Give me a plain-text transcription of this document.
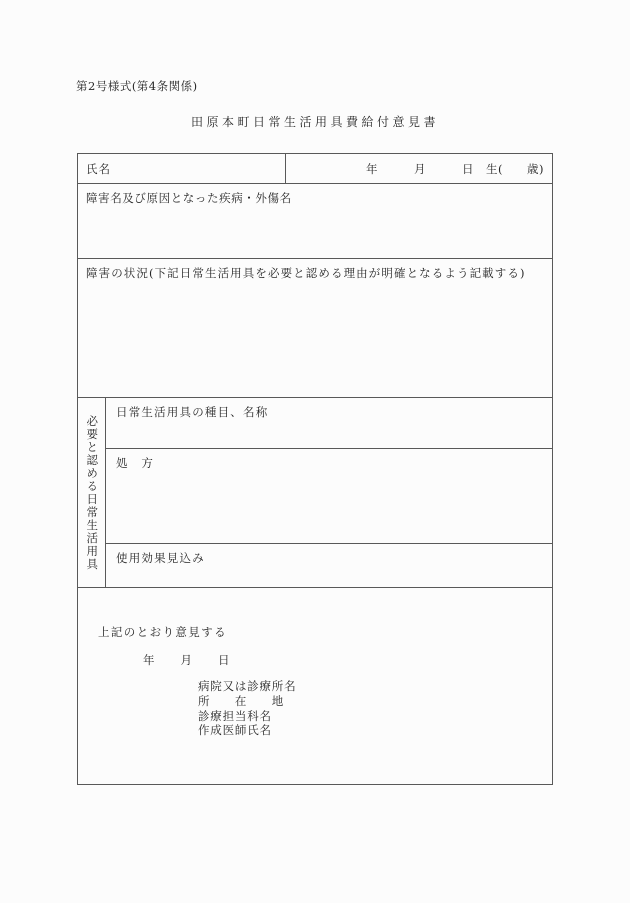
第2号様式(第4条関係)
田原本町日常生活用具費給付意見書
氏名	年　　　月　　　日　生(　　歳)
障害名及び原因となった疾病・外傷名
障害の状況(下記日常生活用具を必要と認める理由が明確となるよう記載する)
必要と認める日常生活用具
日常生活用具の種目、名称
処　方
使用効果見込み
上記のとおり意見する
年　　月　　日
病院又は診療所名
所　　在　　地
診療担当科名
作成医師氏名
